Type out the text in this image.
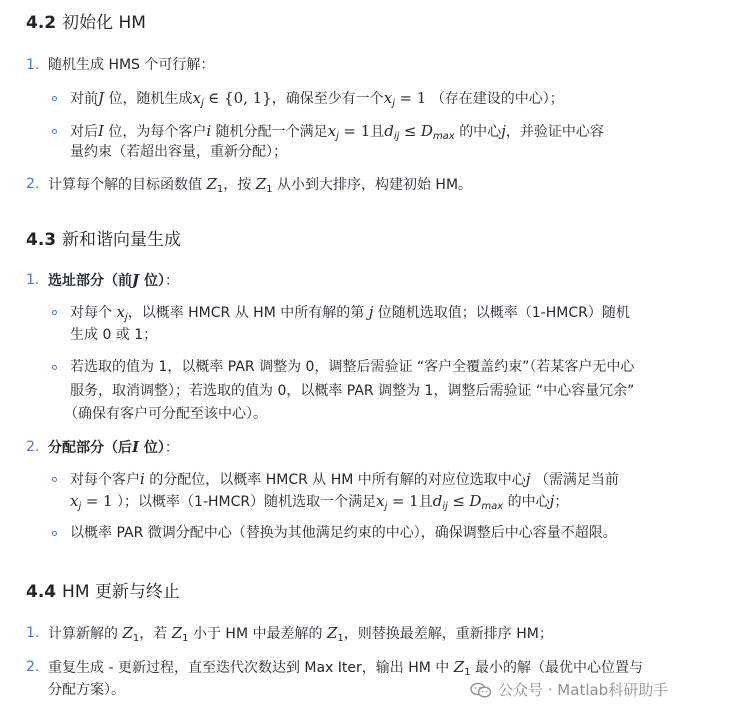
4.2 初始化 HM
1. 随机生成 HMS 个可行解：
对前J 位，随机生成$x_j$ ∈ {0, 1}，确保至少有一个$x_j = 1$ （存在建设的中心）；
对后I 位，为每个客户i 随机分配一个满足$x_j = 1$且$d_{ij} \le D_{max}$ 的中心j，并验证中心容
量约束（若超出容量，重新分配）；
2. 计算每个解的目标函数值 $Z_1$，按 $Z_1$ 从小到大排序，构建初始 HM。
4.3 新和谐向量生成
1. 选址部分（前J 位）：
对每个 $x_j$，以概率 HMCR 从 HM 中所有解的第 j 位随机选取值；以概率（1-HMCR）随机
生成 0 或 1；
若选取的值为 1，以概率 PAR 调整为 0，调整后需验证 “客户全覆盖约束”（若某客户无中心
服务，取消调整）；若选取的值为 0，以概率 PAR 调整为 1，调整后需验证 “中心容量冗余”
（确保有客户可分配至该中心）。
2. 分配部分（后I 位）：
对每个客户i 的分配位，以概率 HMCR 从 HM 中所有解的对应位选取中心j （需满足当前
$x_j = 1$ ）；以概率（1-HMCR）随机选取一个满足$x_j = 1$且$d_{ij} \le D_{max}$ 的中心j；
以概率 PAR 微调分配中心（替换为其他满足约束的中心），确保调整后中心容量不超限。
4.4 HM 更新与终止
1. 计算新解的 $Z_1$，若 $Z_1$ 小于 HM 中最差解的 $Z_1$，则替换最差解，重新排序 HM；
2. 重复生成 - 更新过程，直至迭代次数达到 Max Iter，输出 HM 中 $Z_1$ 最小的解（最优中心位置与
分配方案）。	公众号 · Matlab科研助手
